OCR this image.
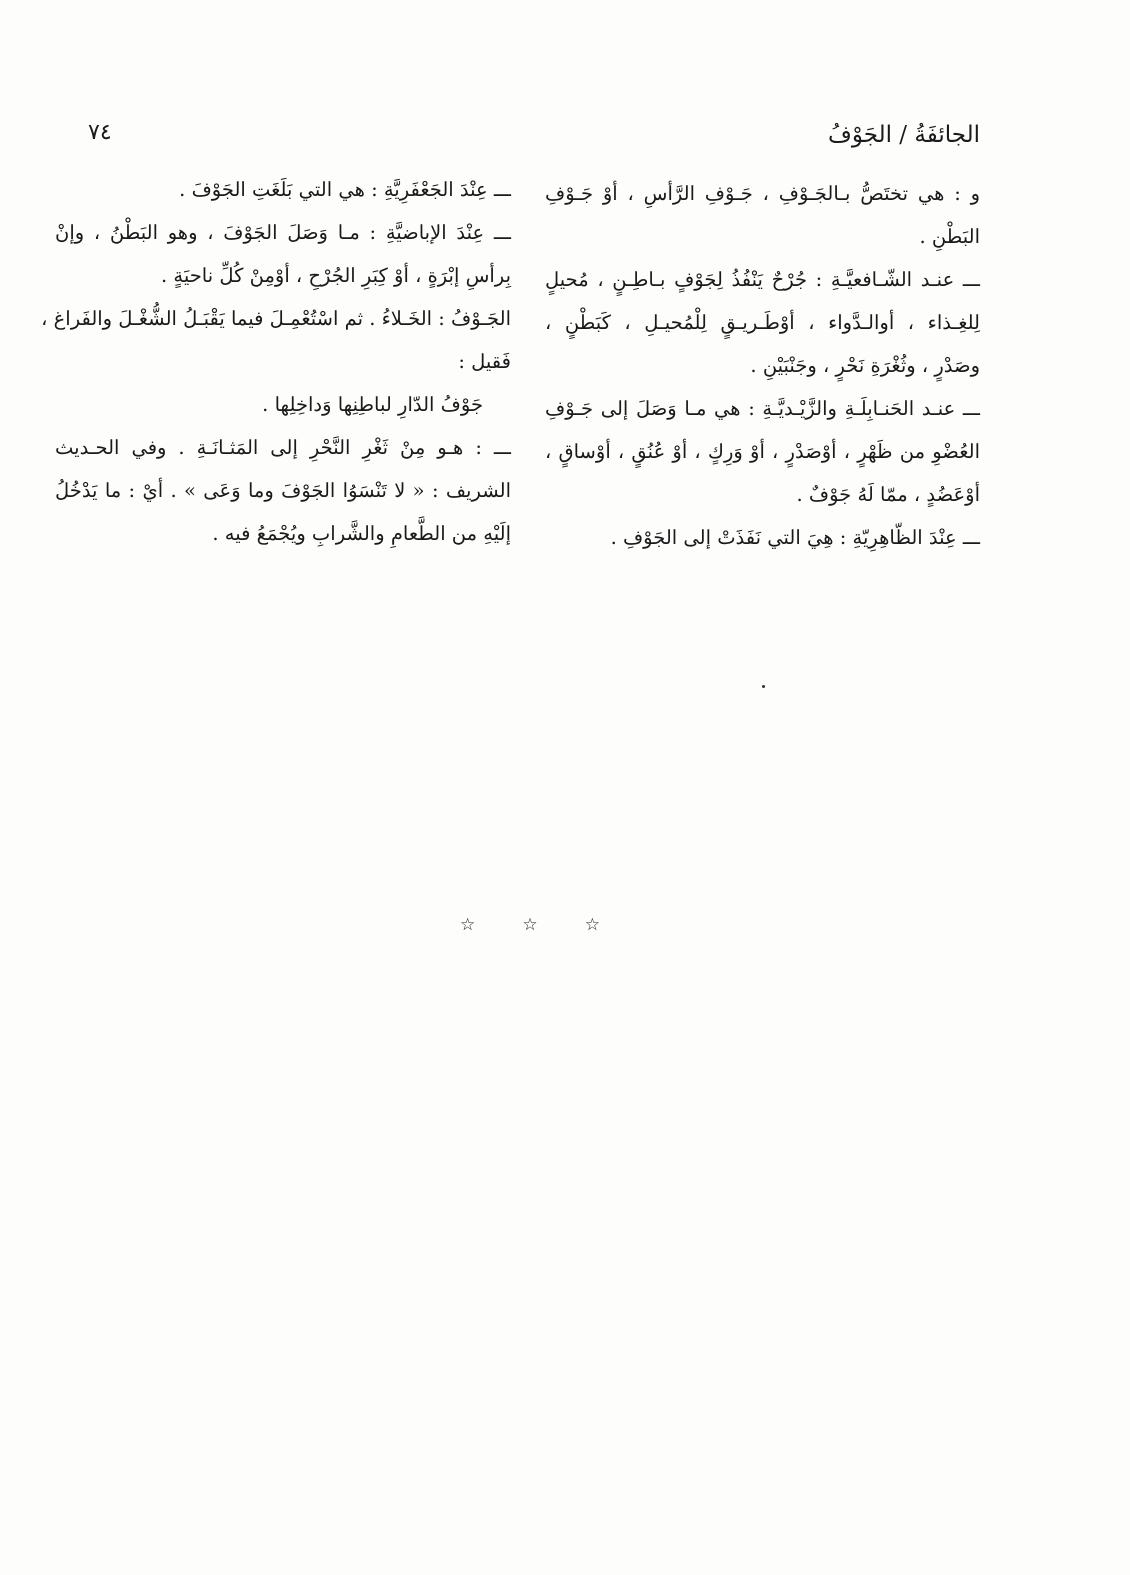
الجائفَةُ / الجَوْفُ
٧٤
و : هي تختَصُّ بـالجَـوْفِ ، جَـوْفِ الرَّأسِ ، أوْ جَـوْفِ
البَطْنِ .
ـــ عنـد الشّـافعيَّـةِ : جُرْحٌ يَنْفُذُ لِجَوْفٍ بـاطِـنٍ ، مُحيلٍ
لِلغِـذاء ، أوالـدَّواء ، أوْطَـريـقٍ لِلْمُحيـلِ ، كَبَطْنٍ ،
وصَدْرٍ ، وثُغْرَةِ نَحْرٍ ، وجَنْبَيْنِ .
ـــ عنـد الحَنـابِلَـةِ والزَّيْـديَّـةِ : هي مـا وَصَلَ إلى جَـوْفِ
العُضْوِ من ظَهْرٍ ، أوْصَدْرٍ ، أوْ وَرِكٍ ، أوْ عُنُقٍ ، أوْساقٍ ،
أوْعَضُدٍ ، ممّا لَهُ جَوْفٌ .
ـــ عِنْدَ الظّاهِرِيّةِ : هِيَ التي نَفَذَتْ إلى الجَوْفِ .
ـــ عِنْدَ الجَعْفَرِيَّةِ : هي التي بَلَغَتِ الجَوْفَ .
ـــ عِنْدَ الإباضيَّةِ : مـا وَصَلَ الجَوْفَ ، وهو البَطْنُ ، وإنْ
بِرأسِ إبْرَةٍ ، أوْ كِبَرِ الجُرْحِ ، أوْمِنْ كُلِّ ناحيَةٍ .
الجَـوْفُ : الخَـلاءُ . ثم اسْتُعْمِـلَ فيما يَقْبَـلُ الشُّغْـلَ والفَراغ ،
فَقيل :
جَوْفُ الدّارِ لباطِنِها وَداخِلِها .
ـــ : هـو مِنْ ثَغْرِ النَّحْرِ إلى المَثـانَـةِ . وفي الحـديث
الشريف : « لا تَنْسَوُا الجَوْفَ وما وَعَى » . أيْ : ما يَدْخُلُ
إلَيْهِ من الطَّعامِ والشَّرابِ ويُجْمَعُ فيه .
☆	☆	☆
